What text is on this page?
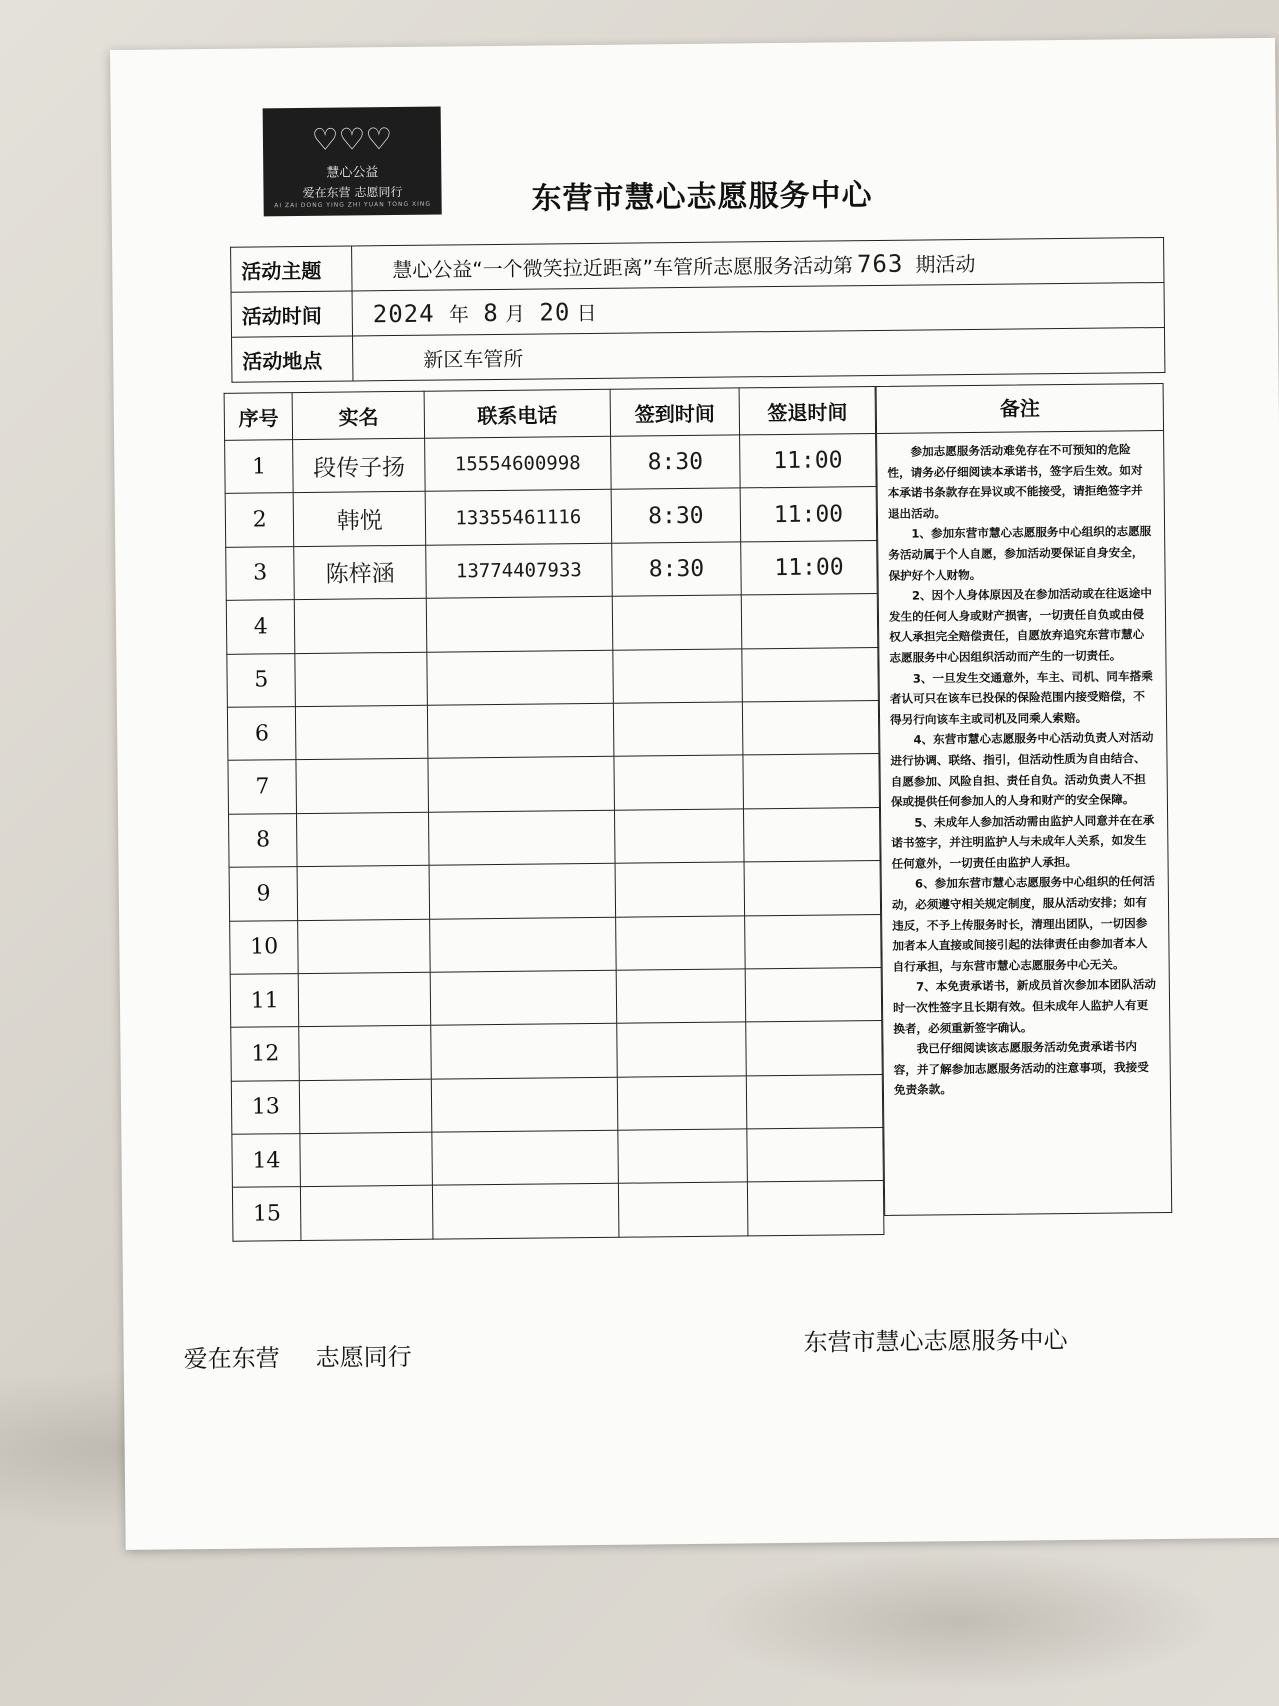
♡♡♡
慧心公益
爱在东营 志愿同行
AI ZAI DONG YING ZHI YUAN TONG XING	东营市慧心志愿服务中心
活动主题	慧心公益“一个微笑拉近距离”车管所志愿服务活动第 763 期活动
活动时间	2024 年 8 月 20 日
活动地点	新区车管所
序号	实名	联系电话	签到时间	签退时间
1	段传子扬	15554600998	8:30	11:00
2	韩悦	13355461116	8:30	11:00
3	陈梓涵	13774407933	8:30	11:00
4				
5				
6				
7				
8				
9				
10				
11				
12				
13				
14				
15				
备注

参加志愿服务活动难免存在不可预知的危险性，请务必仔细阅读本承诺书，签字后生效。如对本承诺书条款存在异议或不能接受，请拒绝签字并退出活动。

1、参加东营市慧心志愿服务中心组织的志愿服务活动属于个人自愿，参加活动要保证自身安全，保护好个人财物。

2、因个人身体原因及在参加活动或在往返途中发生的任何人身或财产损害，一切责任自负或由侵权人承担完全赔偿责任，自愿放弃追究东营市慧心志愿服务中心因组织活动而产生的一切责任。

3、一旦发生交通意外，车主、司机、同车搭乘者认可只在该车已投保的保险范围内接受赔偿，不得另行向该车主或司机及同乘人索赔。

4、东营市慧心志愿服务中心活动负责人对活动进行协调、联络、指引，但活动性质为自由结合、自愿参加、风险自担、责任自负。活动负责人不担保或提供任何参加人的人身和财产的安全保障。

5、未成年人参加活动需由监护人同意并在在承诺书签字，并注明监护人与未成年人关系，如发生任何意外，一切责任由监护人承担。

6、参加东营市慧心志愿服务中心组织的任何活动，必须遵守相关规定制度，服从活动安排；如有违反，不予上传服务时长，清理出团队，一切因参加者本人直接或间接引起的法律责任由参加者本人自行承担，与东营市慧心志愿服务中心无关。

7、本免责承诺书，新成员首次参加本团队活动时一次性签字且长期有效。但未成年人监护人有更换者，必须重新签字确认。

我已仔细阅读该志愿服务活动免责承诺书内容，并了解参加志愿服务活动的注意事项，我接受免责条款。

爱在东营 志愿同行
东营市慧心志愿服务中心
